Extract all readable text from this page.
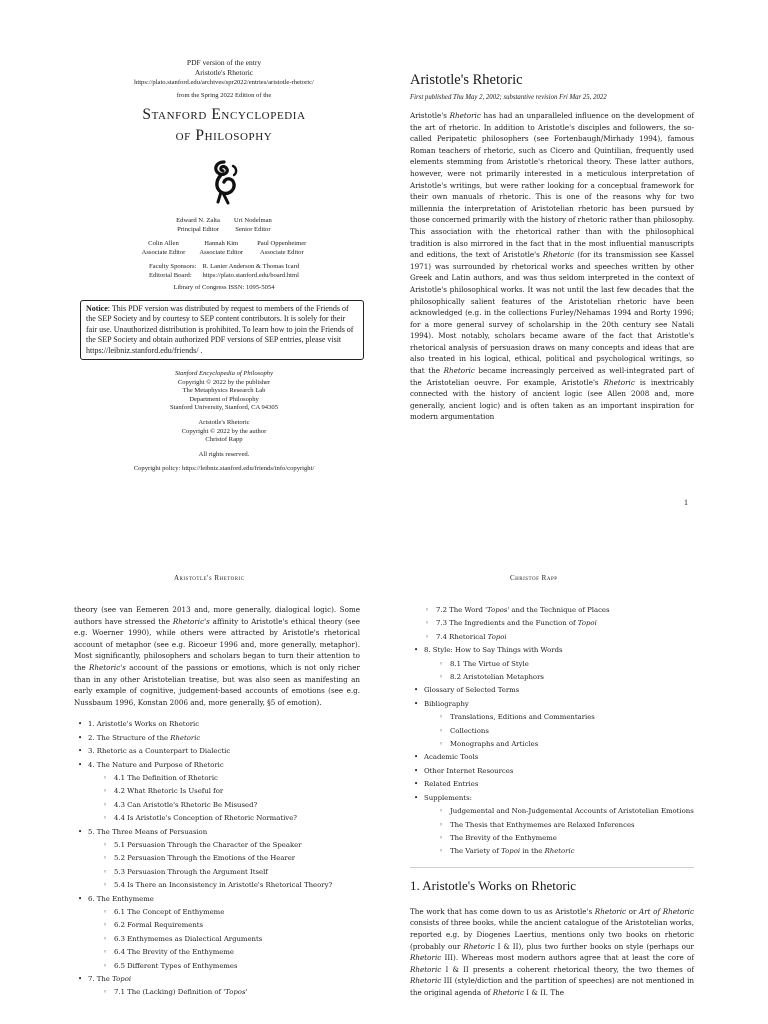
PDF version of the entry
Aristotle's Rhetoric
https://plato.stanford.edu/archives/spr2022/entries/aristotle-rhetoric/
from the Spring 2022 Edition of the
Stanford Encyclopedia
of Philosophy
Edward N. Zalta
Principal Editor
Uri Nodelman
Senior Editor
Colin Allen
Associate Editor
Hannah Kim
Associate Editor
Paul Oppenheimer
Associate Editor
Faculty Sponsors: R. Lanier Anderson & Thomas Icard
Editorial Board:	https://plato.stanford.edu/board.html
Library of Congress ISSN: 1095-5054
Notice: This PDF version was distributed by request to members of the Friends of the SEP Society and by courtesy to SEP content contributors. It is solely for their fair use. Unauthorized distribution is prohibited. To learn how to join the Friends of the SEP Society and obtain authorized PDF versions of SEP entries, please visit https://leibniz.stanford.edu/friends/ .
Stanford Encyclopedia of Philosophy
Copyright © 2022 by the publisher
The Metaphysics Research Lab
Department of Philosophy
Stanford University, Stanford, CA 94305
Aristotle's Rhetoric
Copyright © 2022 by the author
Christof Rapp
All rights reserved.
Copyright policy: https://leibniz.stanford.edu/friends/info/copyright/
Aristotle's Rhetoric
First published Thu May 2, 2002; substantive revision Fri Mar 25, 2022

Aristotle's Rhetoric has had an unparalleled influence on the development of the art of rhetoric. In addition to Aristotle's disciples and followers, the so-called Peripatetic philosophers (see Fortenbaugh/Mirhady 1994), famous Roman teachers of rhetoric, such as Cicero and Quintilian, frequently used elements stemming from Aristotle's rhetorical theory. These latter authors, however, were not primarily interested in a meticulous interpretation of Aristotle's writings, but were rather looking for a conceptual framework for their own manuals of rhetoric. This is one of the reasons why for two millennia the interpretation of Aristotelian rhetoric has been pursued by those concerned primarily with the history of rhetoric rather than philosophy. This association with the rhetorical rather than with the philosophical tradition is also mirrored in the fact that in the most influential manuscripts and editions, the text of Aristotle's Rhetoric (for its transmission see Kassel 1971) was surrounded by rhetorical works and speeches written by other Greek and Latin authors, and was thus seldom interpreted in the context of Aristotle's philosophical works. It was not until the last few decades that the philosophically salient features of the Aristotelian rhetoric have been acknowledged (e.g. in the collections Furley/Nehamas 1994 and Rorty 1996; for a more general survey of scholarship in the 20th century see Natali 1994). Most notably, scholars became aware of the fact that Aristotle's rhetorical analysis of persuasion draws on many concepts and ideas that are also treated in his logical, ethical, political and psychological writings, so that the Rhetoric became increasingly perceived as well-integrated part of the Aristotelian oeuvre. For example, Aristotle's Rhetoric is inextricably connected with the history of ancient logic (see Allen 2008 and, more generally, ancient logic) and is often taken as an important inspiration for modern argumentation

1
Aristotle's Rhetoric	Christof Rapp

theory (see van Eemeren 2013 and, more generally, dialogical logic). Some authors have stressed the Rhetoric's affinity to Aristotle's ethical theory (see e.g. Woerner 1990), while others were attracted by Aristotle's rhetorical account of metaphor (see e.g. Ricoeur 1996 and, more generally, metaphor). Most significantly, philosophers and scholars began to turn their attention to the Rhetoric's account of the passions or emotions, which is not only richer than in any other Aristotelian treatise, but was also seen as manifesting an early example of cognitive, judgement-based accounts of emotions (see e.g. Nussbaum 1996, Konstan 2006 and, more generally, §5 of emotion).

• 1. Aristotle's Works on Rhetoric
• 2. The Structure of the Rhetoric
• 3. Rhetoric as a Counterpart to Dialectic
• 4. The Nature and Purpose of Rhetoric
◦ 4.1 The Definition of Rhetoric
◦ 4.2 What Rhetoric Is Useful for
◦ 4.3 Can Aristotle's Rhetoric Be Misused?
◦ 4.4 Is Aristotle's Conception of Rhetoric Normative?
• 5. The Three Means of Persuasion
◦ 5.1 Persuasion Through the Character of the Speaker
◦ 5.2 Persuasion Through the Emotions of the Hearer
◦ 5.3 Persuasion Through the Argument Itself
◦ 5.4 Is There an Inconsistency in Aristotle's Rhetorical Theory?
• 6. The Enthymeme
◦ 6.1 The Concept of Enthymeme
◦ 6.2 Formal Requirements
◦ 6.3 Enthymemes as Dialectical Arguments
◦ 6.4 The Brevity of the Enthymeme
◦ 6.5 Different Types of Enthymemes
• 7. The Topoi
◦ 7.1 The (Lacking) Definition of 'Topos'
◦ 7.2 The Word 'Topos' and the Technique of Places
◦ 7.3 The Ingredients and the Function of Topoi
◦ 7.4 Rhetorical Topoi
• 8. Style: How to Say Things with Words
◦ 8.1 The Virtue of Style
◦ 8.2 Aristotelian Metaphors
• Glossary of Selected Terms
• Bibliography
◦ Translations, Editions and Commentaries
◦ Collections
◦ Monographs and Articles
• Academic Tools
• Other Internet Resources
• Related Entries
• Supplements:
◦ Judgemental and Non-Judgemental Accounts of Aristotelian Emotions
◦ The Thesis that Enthymemes are Relaxed Inferences
◦ The Brevity of the Enthymeme
◦ The Variety of Topoi in the Rhetoric
1. Aristotle's Works on Rhetoric

The work that has come down to us as Aristotle's Rhetoric or Art of Rhetoric consists of three books, while the ancient catalogue of the Aristotelian works, reported e.g. by Diogenes Laertius, mentions only two books on rhetoric (probably our Rhetoric I & II), plus two further books on style (perhaps our Rhetoric III). Whereas most modern authors agree that at least the core of Rhetoric I & II presents a coherent rhetorical theory, the two themes of Rhetoric III (style/diction and the partition of speeches) are not mentioned in the original agenda of Rhetoric I & II. The
